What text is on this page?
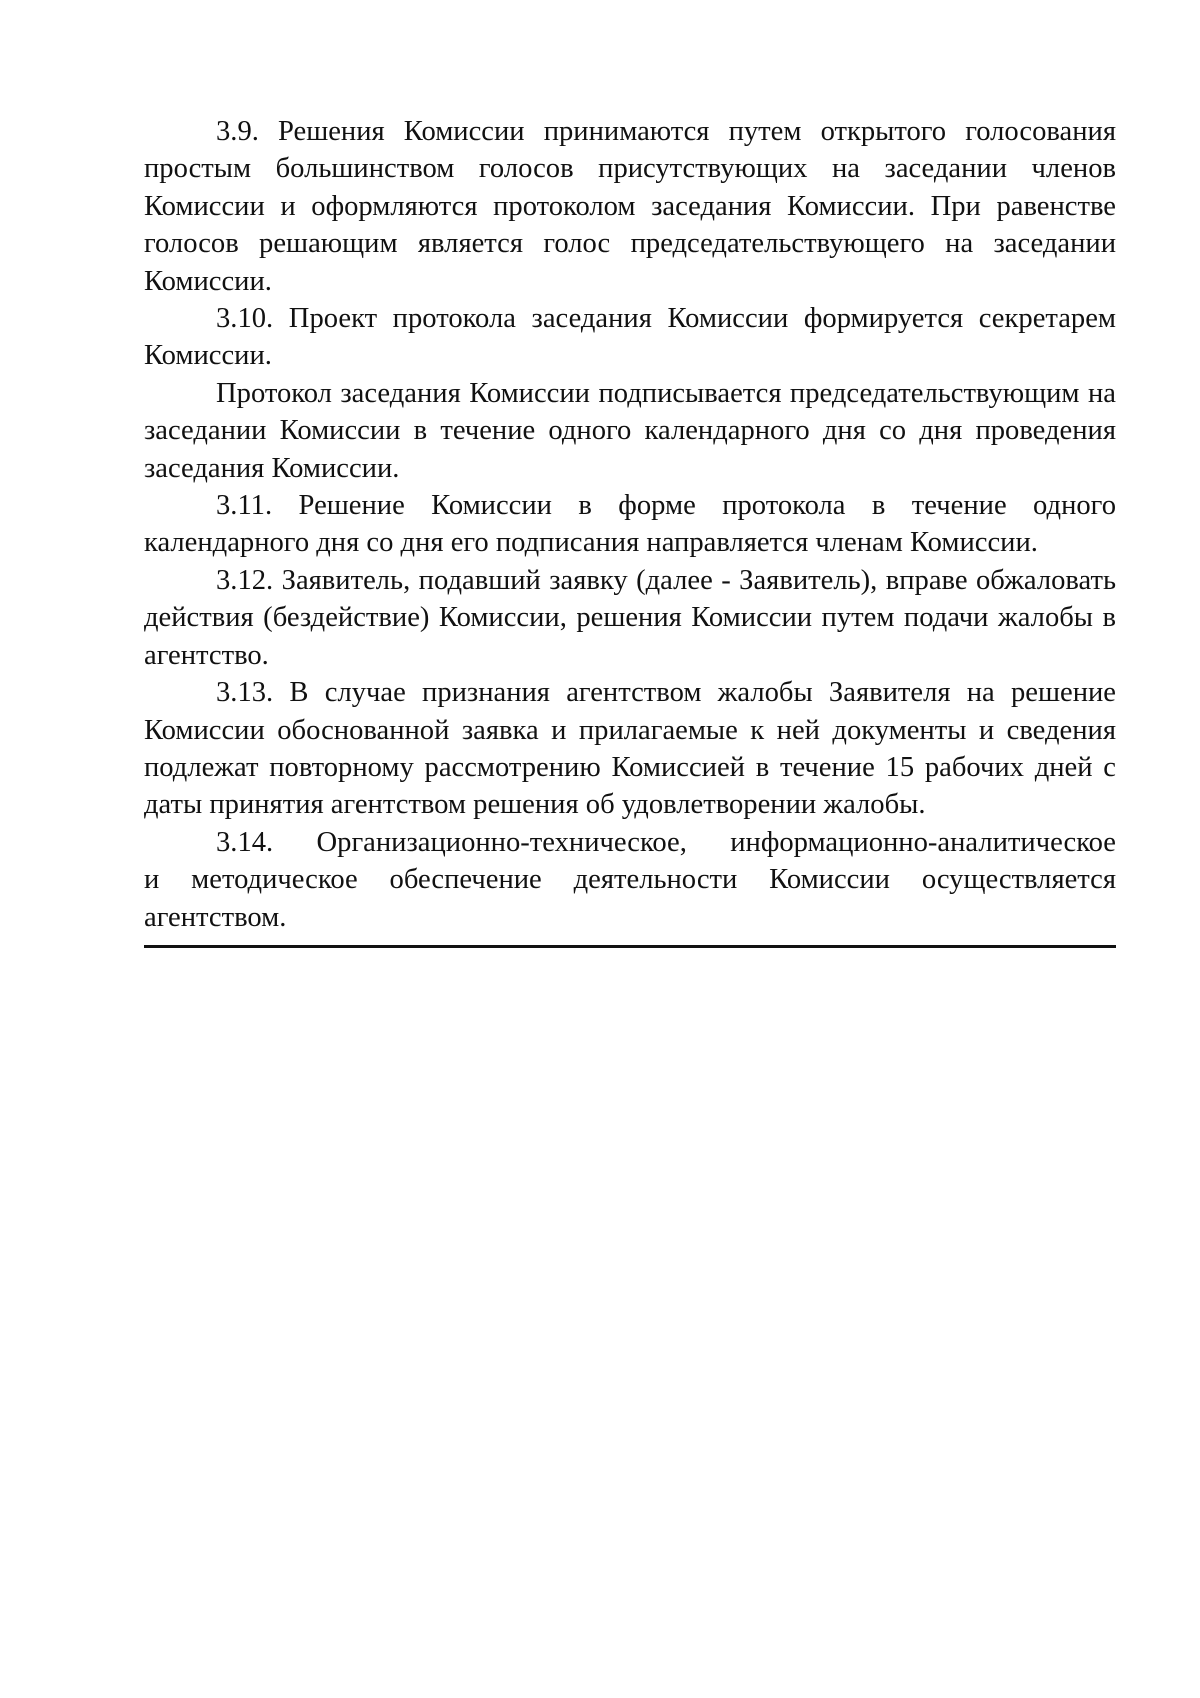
3.9. Решения Комиссии принимаются путем открытого голосования
простым большинством голосов присутствующих на заседании членов
Комиссии и оформляются протоколом заседания Комиссии. При равенстве
голосов решающим является голос председательствующего на заседании
Комиссии.
3.10. Проект протокола заседания Комиссии формируется секретарем
Комиссии.
Протокол заседания Комиссии подписывается председательствующим на
заседании Комиссии в течение одного календарного дня со дня проведения
заседания Комиссии.
3.11. Решение Комиссии в форме протокола в течение одного
календарного дня со дня его подписания направляется членам Комиссии.
3.12. Заявитель, подавший заявку (далее - Заявитель), вправе обжаловать
действия (бездействие) Комиссии, решения Комиссии путем подачи жалобы в
агентство.
3.13. В случае признания агентством жалобы Заявителя на решение
Комиссии обоснованной заявка и прилагаемые к ней документы и сведения
подлежат повторному рассмотрению Комиссией в течение 15 рабочих дней с
даты принятия агентством решения об удовлетворении жалобы.
3.14. Организационно-техническое, информационно-аналитическое
и методическое обеспечение деятельности Комиссии осуществляется
агентством.
